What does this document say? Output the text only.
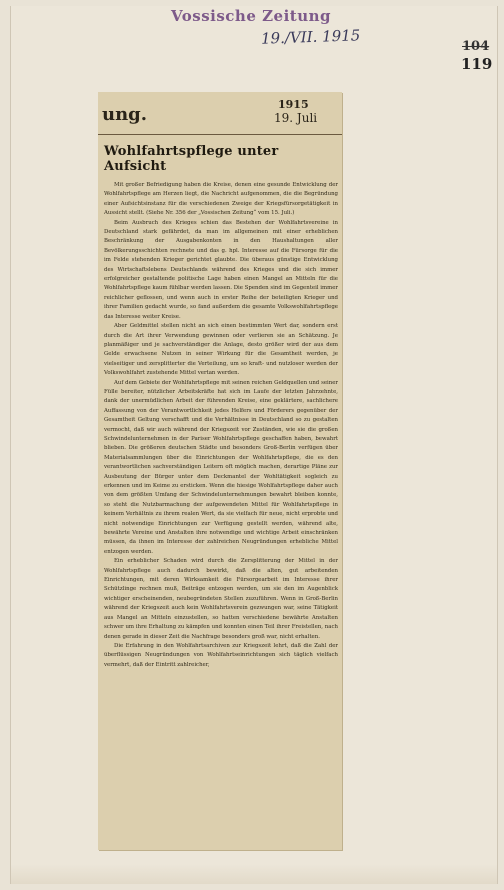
Vossische Zeitung
19./VII. 1915	104
119
ung.	1915
19. Juli
Wohlfahrtspflege unter Aufsicht

Mit großer Befriedigung haben die Kreise, denen eine gesunde Entwicklung der Wohlfahrtspflege am Herzen liegt, die Nachricht aufgenommen, die die Begründung einer Aufsichtsinstanz für die verschiedenen Zweige der Kriegsfürsorgetätigkeit in Aussicht stellt. (Siehe Nr. 356 der „Vossischen Zeitung“ vom 15. Juli.)

Beim Ausbruch des Krieges schien das Bestehen der Wohlfahrtsvereine in Deutschland stark gefährdet, da man im allgemeinen mit einer erheblichen Beschränkung der Ausgabenkonten in den Haushaltungen aller Bevölkerungsschichten rechnete und das g. hpl. Interesse auf die Fürsorge für die im Felde stehenden Krieger gerichtet glaubte. Die überaus günstige Entwicklung des Wirtschaftslebens Deutschlands während des Krieges und die sich immer erfolgreicher gestaltende politische Lage haben einen Mangel an Mitteln für die Wohlfahrtspflege kaum fühlbar werden lassen. Die Spenden sind im Gegenteil immer reichlicher geflossen, und wenn auch in erster Reihe der beteiligten Krieger und ihrer Familien gedacht wurde, so fand außerdem die gesamte Volkswohlfahrtspflege das Interesse weiter Kreise.

Aber Geldmittel stellen nicht an sich einen bestimmten Wert dar, sondern erst durch die Art ihrer Verwendung gewinnen oder verlieren sie an Schätzung. Je planmäßiger und je sachverständiger die Anlage, desto größer wird der aus dem Gelde erwachsene Nutzen in seiner Wirkung für die Gesamtheit werden, je vielseitiger und zersplitterter die Verteilung, um so kraft- und nutzloser werden der Volkswohlfahrt zustehende Mittel vertan werden.

Auf dem Gebiete der Wohlfahrtspflege mit seinen reichen Geldquellen und seiner Fülle bereiter, nützlicher Arbeitskräfte hat sich im Laufe der letzten Jahrzehnte, dank der unermüdlichen Arbeit der führenden Kreise, eine geklärtere, sachlichere Auffassung von der Verantwortlichkeit jedes Helfers und Förderers gegenüber der Gesamtheit Geltung verschafft und die Verhältnisse in Deutschland so zu gestalten vermocht, daß wir auch während der Kriegszeit vor Zuständen, wie sie die großen Schwindelunternehmen in der Pariser Wohlfahrtspflege geschaffen haben, bewahrt blieben. Die größeren deutschen Städte und besonders Groß-Berlin verfügen über Materialsammlungen über die Einrichtungen der Wohlfahrtspflege, die es den verantwortlichen sachverständigen Leitern oft möglich machen, derartige Pläne zur Ausbeutung der Bürger unter dem Deckmantel der Wohltätigkeit sogleich zu erkennen und im Keime zu ersticken. Wenn die hiesige Wohlfahrtspflege daher auch von dem größten Umfang der Schwindelunternehmungen bewahrt bleiben konnte, so steht die Nutzbarmachung der aufgewendeten Mittel für Wohlfahrtspflege in keinem Verhältnis zu ihrem realen Wert, da sie vielfach für neue, nicht erprobte und nicht notwendige Einrichtungen zur Verfügung gestellt werden, während alte, bewährte Vereine und Anstalten ihre notwendige und wichtige Arbeit einschränken müssen, da ihnen im Interesse der zahlreichen Neugründungen erhebliche Mittel entzogen werden.

Ein erheblicher Schaden wird durch die Zersplitterung der Mittel in der Wohlfahrtspflege auch dadurch bewirkt, daß die alten, gut arbeitenden Einrichtungen, mit deren Wirksamkeit die Fürsorgearbeit im Interesse ihrer Schützlinge rechnen muß, Beiträge entzogen werden, um sie den im Augenblick wichtiger erscheinenden, neubegründeten Stellen zuzuführen. Wenn in Groß-Berlin während der Kriegszeit auch kein Wohlfahrtsverein gezwungen war, seine Tätigkeit aus Mangel an Mitteln einzustellen, so hatten verschiedene bewährte Anstalten schwer um ihre Erhaltung zu kämpfen und konnten einen Teil ihrer Freistellen, nach denen gerade in dieser Zeit die Nachfrage besonders groß war, nicht erhalten.

Die Erfahrung in den Wohlfahrtsarchiven zur Kriegszeit lehrt, daß die Zahl der überflüssigen Neugründungen von Wohlfahrtseinrichtungen sich täglich vielfach vermehrt, daß der Eintritt zahlreicher,
